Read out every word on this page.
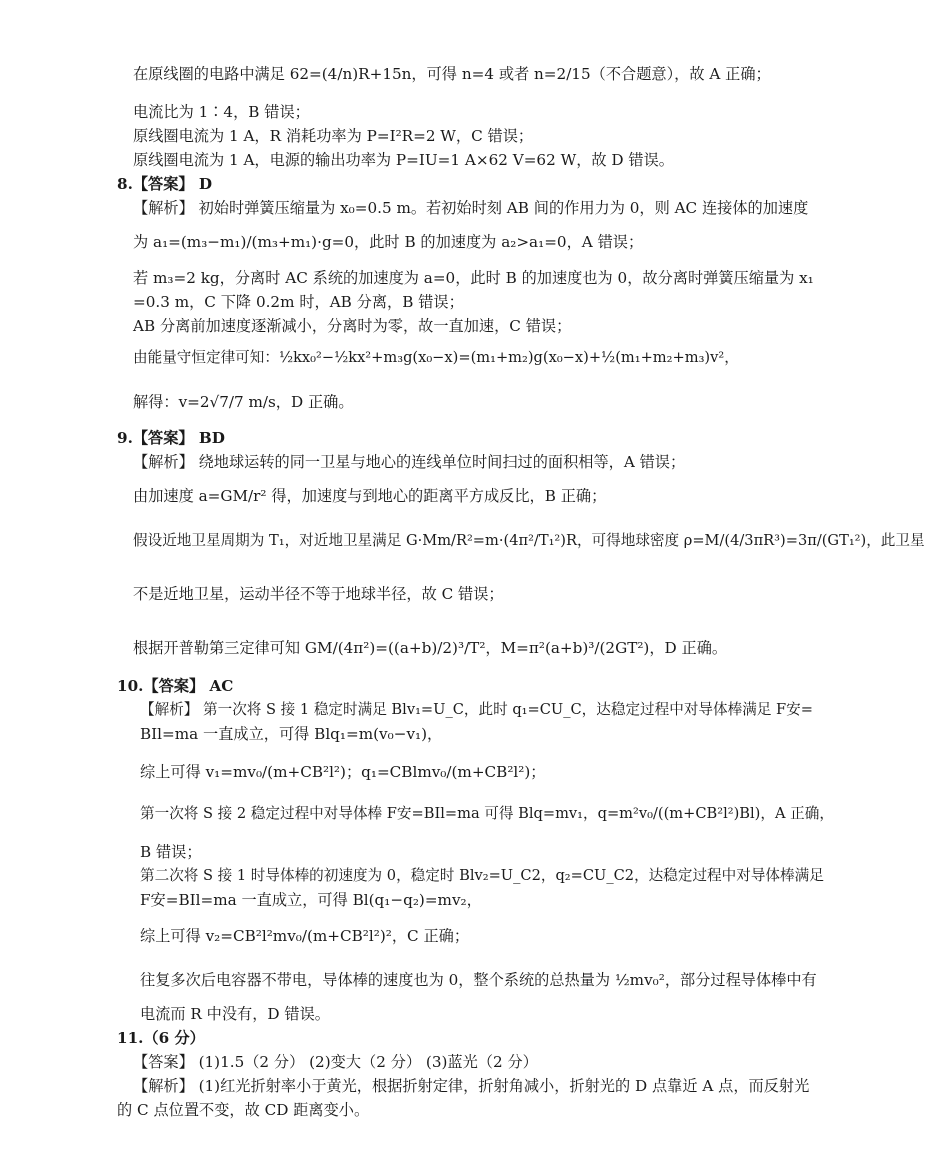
在原线圈的电路中满足 62=(4/n)R+15n，可得 n=4 或者 n=2/15（不合题意），故 A 正确；
电流比为 1∶4，B 错误；
原线圈电流为 1 A，R 消耗功率为 P=I²R=2 W，C 错误；
原线圈电流为 1 A，电源的输出功率为 P=IU=1 A×62 V=62 W，故 D 错误。
8.【答案】 D
【解析】 初始时弹簧压缩量为 x₀=0.5 m。若初始时刻 AB 间的作用力为 0，则 AC 连接体的加速度
为 a₁=(m₃−m₁)/(m₃+m₁)·g=0，此时 B 的加速度为 a₂>a₁=0，A 错误；
若 m₃=2 kg，分离时 AC 系统的加速度为 a=0，此时 B 的加速度也为 0，故分离时弹簧压缩量为 x₁
=0.3 m，C 下降 0.2m 时，AB 分离，B 错误；
AB 分离前加速度逐渐减小，分离时为零，故一直加速，C 错误；
由能量守恒定律可知：½kx₀²−½kx²+m₃g(x₀−x)=(m₁+m₂)g(x₀−x)+½(m₁+m₂+m₃)v²，
解得：v=2√7/7 m/s，D 正确。
9.【答案】 BD
【解析】 绕地球运转的同一卫星与地心的连线单位时间扫过的面积相等，A 错误；
由加速度 a=GM/r² 得，加速度与到地心的距离平方成反比，B 正确；
假设近地卫星周期为 T₁，对近地卫星满足 G·Mm/R²=m·(4π²/T₁²)R，可得地球密度 ρ=M/(4/3πR³)=3π/(GT₁²)，此卫星
不是近地卫星，运动半径不等于地球半径，故 C 错误；
根据开普勒第三定律可知 GM/(4π²)=((a+b)/2)³/T²，M=π²(a+b)³/(2GT²)，D 正确。
10.【答案】 AC
【解析】 第一次将 S 接 1 稳定时满足 Blv₁=U_C，此时 q₁=CU_C，达稳定过程中对导体棒满足 F安=
BIl=ma 一直成立，可得 Blq₁=m(v₀−v₁)，
综上可得 v₁=mv₀/(m+CB²l²)；q₁=CBlmv₀/(m+CB²l²)；
第一次将 S 接 2 稳定过程中对导体棒 F安=BIl=ma 可得 Blq=mv₁，q=m²v₀/((m+CB²l²)Bl)，A 正确，
B 错误；
第二次将 S 接 1 时导体棒的初速度为 0，稳定时 Blv₂=U_C2，q₂=CU_C2，达稳定过程中对导体棒满足
F安=BIl=ma 一直成立，可得 Bl(q₁−q₂)=mv₂，
综上可得 v₂=CB²l²mv₀/(m+CB²l²)²，C 正确；
往复多次后电容器不带电，导体棒的速度也为 0，整个系统的总热量为 ½mv₀²，部分过程导体棒中有
电流而 R 中没有，D 错误。
11.（6 分）
【答案】 (1)1.5（2 分） (2)变大（2 分） (3)蓝光（2 分）
【解析】 (1)红光折射率小于黄光，根据折射定律，折射角减小，折射光的 D 点靠近 A 点，而反射光
的 C 点位置不变，故 CD 距离变小。
